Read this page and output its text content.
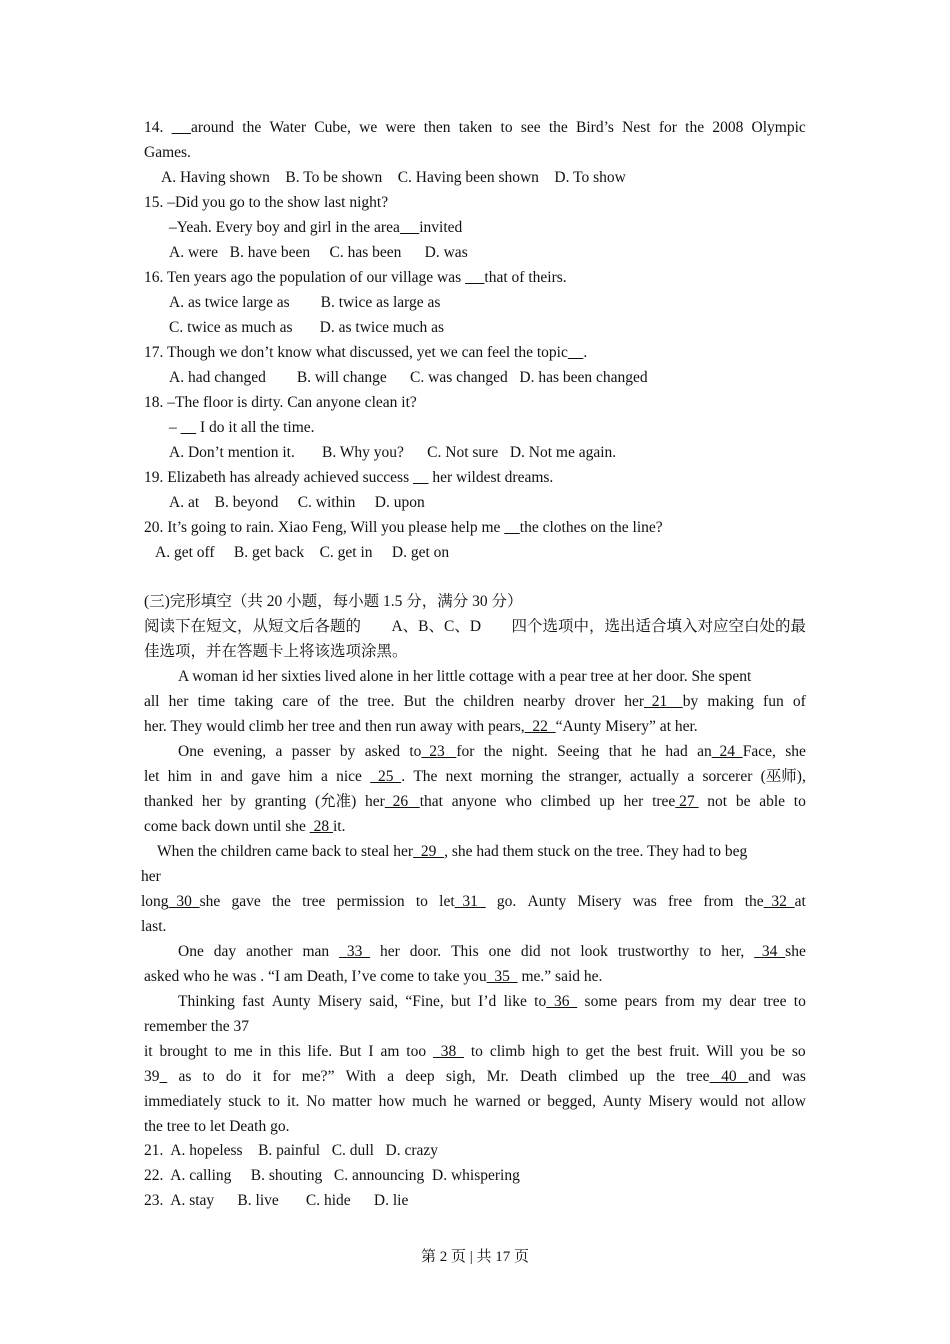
14.	around the Water Cube, we were then taken to see the Bird’s Nest for the 2008 Olympic
Games.
A. Having shown    B. To be shown    C. Having been shown    D. To show
15. –Did you go to the show last night?
–Yeah. Every boy and girl in the area invited
A. were   B. have been     C. has been      D. was
16. Ten years ago the population of our village was      that of theirs.
A. as twice large as        B. twice as large as
C. twice as much as       D. as twice much as
17. Though we don’t know what discussed, yet we can feel the topic .
A. had changed        B. will change      C. was changed   D. has been changed
18. –The floor is dirty. Can anyone clean it?
–      I do it all the time.
A. Don’t mention it.       B. Why you?      C. Not sure   D. Not me again.
19. Elizabeth has already achieved success      her wildest dreams.
A. at    B. beyond     C. within     D. upon
20. It’s going to rain. Xiao Feng, Will you please help me     the clothes on the line?
A. get off     B. get back    C. get in     D. get on
(三)完形填空（共 20 小题，每小题 1.5 分，满分 30 分）
阅读下在短文，从短文后各题的 A、B、C、D 四个选项中，选出适合填入对应空白处的最
佳选项，并在答题卡上将该选项涂黑。
A woman id her sixties lived alone in her little cottage with a pear tree at her door. She spent
all her time taking care of the tree. But the children nearby drover her  21    by making fun of
her. They would climb her tree and then run away with pears,  22  “Aunty Misery” at her.
One evening, a passer by asked to  23   for the night. Seeing that he had an  24  Face, she
let him in and gave him a nice 25  . The next morning the stranger, actually a sorcerer (巫师),
thanked her by granting (允准) her  26   that anyone who climbed up her tree 27 not be able to
come back down until she  28 it.
When the children came back to steal her  29  , she had them stuck on the tree. They had to beg
her
long  30  she gave the tree permission to let  31 go. Aunty Misery was free from the  32  at
last.
One day another man 33 her door. This one did not look trustworthy to her, 34  she
asked who he was . “I am Death, I’ve come to take you  35   me.” said he.
Thinking fast Aunty Misery said, “Fine, but I’d like to  36 some pears from my dear tree to
remember the 37
it brought to me in this life. But I am too 38 to climb high to get the best fruit. Will you be so
39	as to do it for me?” With a deep sigh, Mr. Death climbed up the tree   40   and was
immediately stuck to it. No matter how much he warned or begged, Aunty Misery would not allow
the tree to let Death go.
21.  A. hopeless    B. painful   C. dull   D. crazy
22.  A. calling     B. shouting   C. announcing  D. whispering
23.  A. stay      B. live       C. hide      D. lie
第 2 页 | 共 17 页
